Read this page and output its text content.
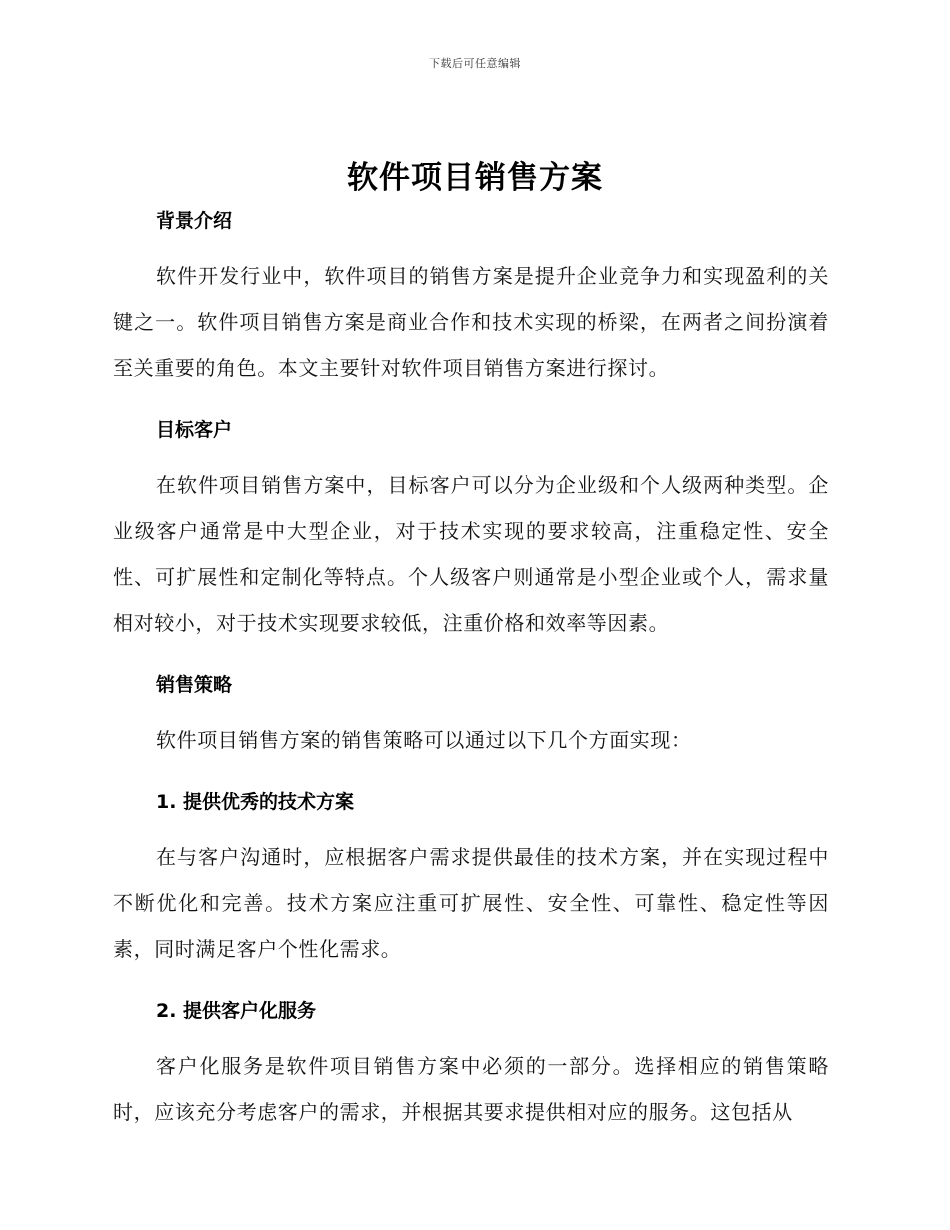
下载后可任意编辑
软件项目销售方案

背景介绍

软件开发行业中，软件项目的销售方案是提升企业竞争力和实现盈利的关键之一。软件项目销售方案是商业合作和技术实现的桥梁，在两者之间扮演着至关重要的角色。本文主要针对软件项目销售方案进行探讨。

目标客户

在软件项目销售方案中，目标客户可以分为企业级和个人级两种类型。企业级客户通常是中大型企业，对于技术实现的要求较高，注重稳定性、安全性、可扩展性和定制化等特点。个人级客户则通常是小型企业或个人，需求量相对较小，对于技术实现要求较低，注重价格和效率等因素。

销售策略

软件项目销售方案的销售策略可以通过以下几个方面实现：

1. 提供优秀的技术方案

在与客户沟通时，应根据客户需求提供最佳的技术方案，并在实现过程中不断优化和完善。技术方案应注重可扩展性、安全性、可靠性、稳定性等因素，同时满足客户个性化需求。

2. 提供客户化服务

客户化服务是软件项目销售方案中必须的一部分。选择相应的销售策略时，应该充分考虑客户的需求，并根据其要求提供相对应的服务。这包括从
